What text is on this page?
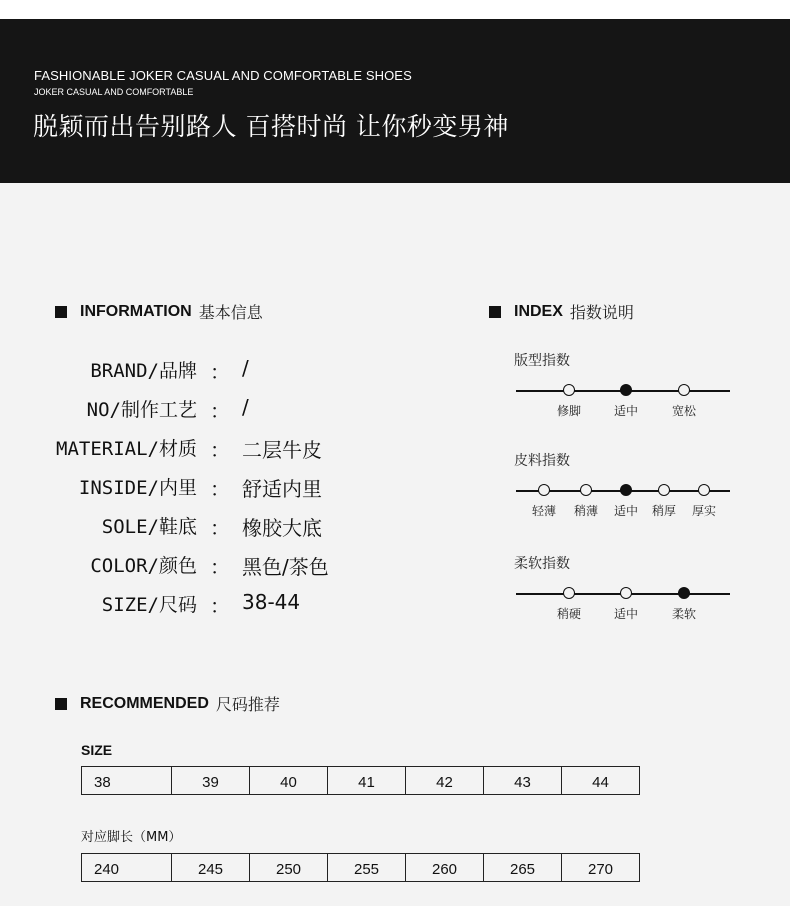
FASHIONABLE JOKER CASUAL AND COMFORTABLE SHOES
JOKER CASUAL AND COMFORTABLE
脱颖而出告别路人 百搭时尚 让你秒变男神
INFORMATION 基本信息
BRAND/品牌 ： /
NO/制作工艺 ： /
MATERIAL/材质 ： 二层牛皮
INSIDE/内里 ： 舒适内里
SOLE/鞋底 ： 橡胶大底
COLOR/颜色 ： 黑色/茶色
SIZE/尺码 ： 38-44
INDEX 指数说明
版型指数
修脚	适中	宽松
皮料指数
轻薄 稍薄 适中 稍厚 厚实
柔软指数
稍硬	适中	柔软
RECOMMENDED 尺码推荐
SIZE
38	39	40	41	42	43	44
对应脚长（MM）
240	245	250	255	260	265	270
